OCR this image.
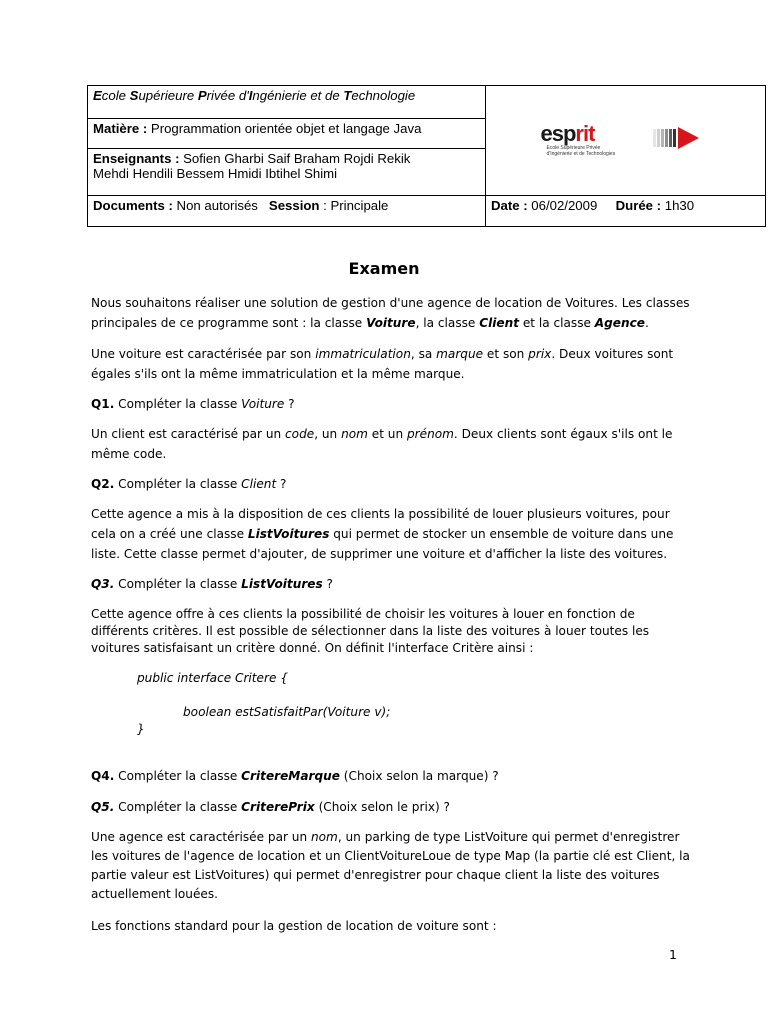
Ecole Supérieure Privée d'Ingénierie et de Technologie	esprit
Ecole Supérieure Privée
d'Ingénierie et de Technologies

Matière : Programmation orientée objet et langage Java	
Enseignants : Sofien Gharbi Saif Braham Rojdi Rekik
Mehdi Hendili Bessem Hmidi Ibtihel Shimi	
Documents : Non autorisés Session : Principale	Date : 06/02/2009 Durée : 1h30
Examen

Nous souhaitons réaliser une solution de gestion d'une agence de location de Voitures. Les classes principales de ce programme sont : la classe Voiture, la classe Client et la classe Agence.

Une voiture est caractérisée par son immatriculation, sa marque et son prix. Deux voitures sont égales s'ils ont la même immatriculation et la même marque.

Q1. Compléter la classe Voiture ?

Un client est caractérisé par un code, un nom et un prénom. Deux clients sont égaux s'ils ont le même code.

Q2. Compléter la classe Client ?

Cette agence a mis à la disposition de ces clients la possibilité de louer plusieurs voitures, pour cela on a créé une classe ListVoitures qui permet de stocker un ensemble de voiture dans une liste. Cette classe permet d'ajouter, de supprimer une voiture et d'afficher la liste des voitures.

Q3. Compléter la classe ListVoitures ?

Cette agence offre à ces clients la possibilité de choisir les voitures à louer en fonction de différents critères. Il est possible de sélectionner dans la liste des voitures à louer toutes les voitures satisfaisant un critère donné. On définit l'interface Critère ainsi :

public interface Critere {

boolean estSatisfaitPar(Voiture v);

}

Q4. Compléter la classe CritereMarque (Choix selon la marque) ?

Q5. Compléter la classe CriterePrix (Choix selon le prix) ?

Une agence est caractérisée par un nom, un parking de type ListVoiture qui permet d'enregistrer les voitures de l'agence de location et un ClientVoitureLoue de type Map (la partie clé est Client, la partie valeur est ListVoitures) qui permet d'enregistrer pour chaque client la liste des voitures actuellement louées.

Les fonctions standard pour la gestion de location de voiture sont :

1
